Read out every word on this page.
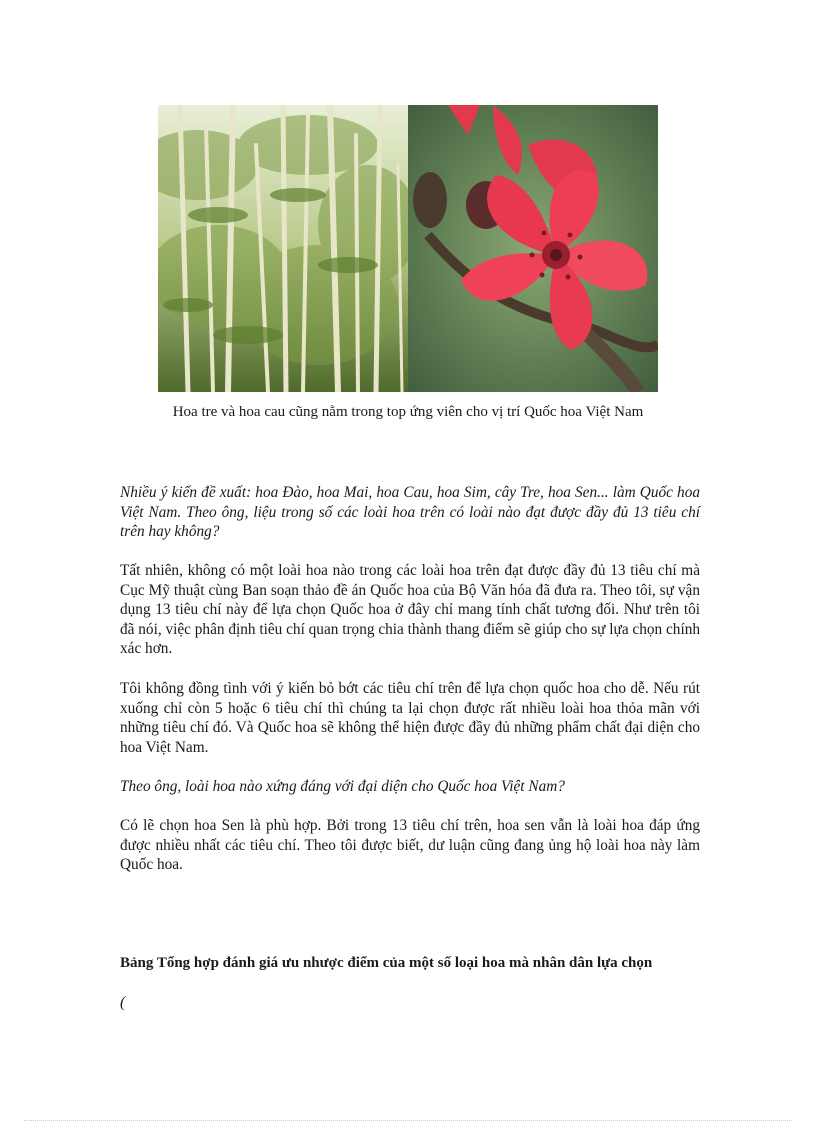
Hoa tre và hoa cau cũng nằm trong top ứng viên cho vị trí Quốc hoa Việt Nam

Nhiều ý kiến đề xuất: hoa Đào, hoa Mai, hoa Cau, hoa Sim, cây Tre, hoa Sen... làm Quốc hoa Việt Nam. Theo ông, liệu trong số các loài hoa trên có loài nào đạt được đầy đủ 13 tiêu chí trên hay không?

Tất nhiên, không có một loài hoa nào trong các loài hoa trên đạt được đầy đủ 13 tiêu chí mà Cục Mỹ thuật cùng Ban soạn thảo đề án Quốc hoa của Bộ Văn hóa đã đưa ra. Theo tôi, sự vận dụng 13 tiêu chí này để lựa chọn Quốc hoa ở đây chỉ mang tính chất tương đối. Như trên tôi đã nói, việc phân định tiêu chí quan trọng chia thành thang điểm sẽ giúp cho sự lựa chọn chính xác hơn.

Tôi không đồng tình với ý kiến bỏ bớt các tiêu chí trên để lựa chọn quốc hoa cho dễ. Nếu rút xuống chỉ còn 5 hoặc 6 tiêu chí thì chúng ta lại chọn được rất nhiều loài hoa thỏa mãn với những tiêu chí đó. Và Quốc hoa sẽ không thể hiện được đầy đủ những phẩm chất đại diện cho hoa Việt Nam.

Theo ông, loài hoa nào xứng đáng với đại diện cho Quốc hoa Việt Nam?

Có lẽ chọn hoa Sen là phù hợp. Bởi trong 13 tiêu chí trên, hoa sen vẫn là loài hoa đáp ứng được nhiều nhất các tiêu chí. Theo tôi được biết, dư luận cũng đang ủng hộ loài hoa này làm Quốc hoa.

Bảng Tổng hợp đánh giá ưu nhược điểm của một số loại hoa mà nhân dân lựa chọn

(
